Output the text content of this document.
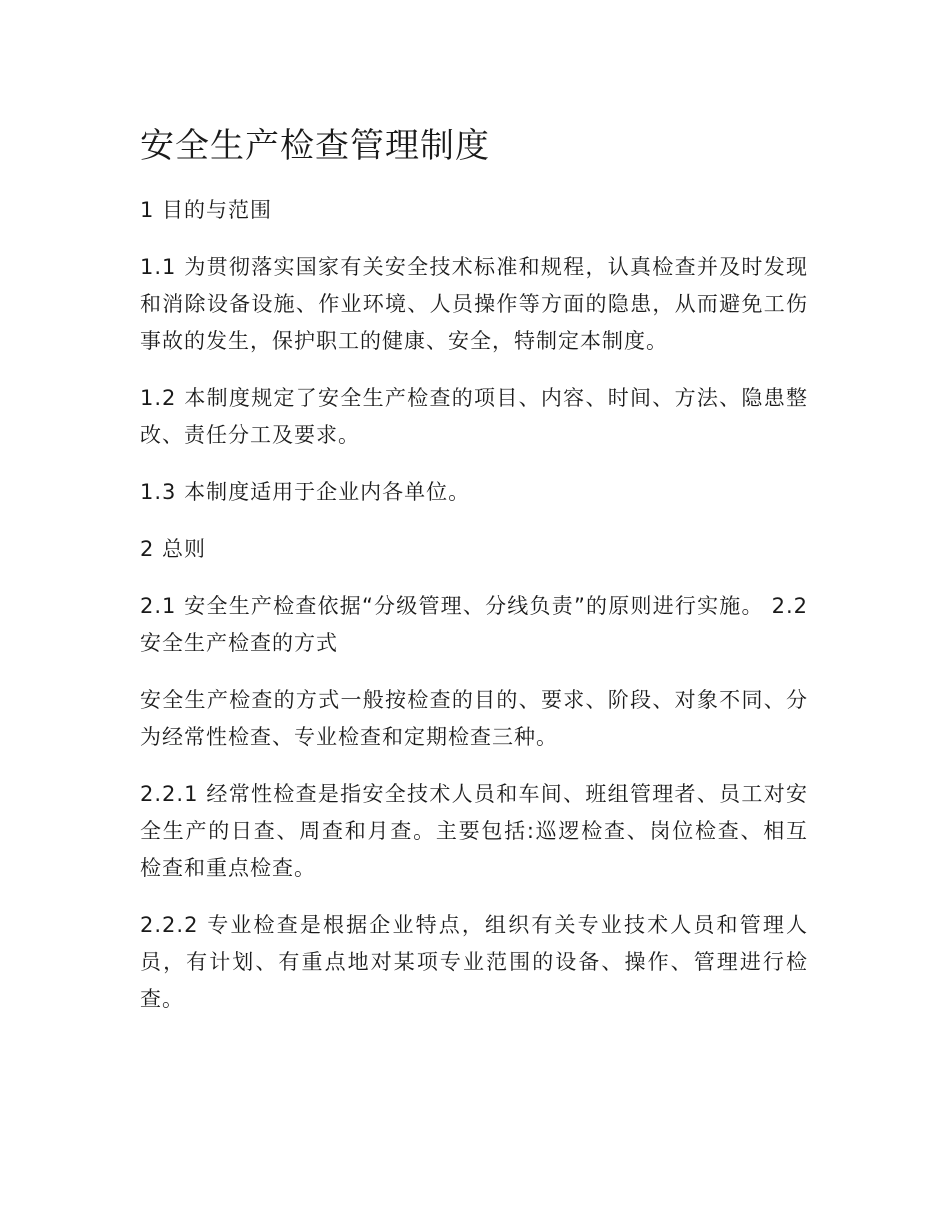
安全生产检查管理制度

1 目的与范围

1.1 为贯彻落实国家有关安全技术标准和规程，认真检查并及时发现和消除设备设施、作业环境、人员操作等方面的隐患，从而避免工伤事故的发生，保护职工的健康、安全，特制定本制度。

1.2 本制度规定了安全生产检查的项目、内容、时间、方法、隐患整改、责任分工及要求。

1.3 本制度适用于企业内各单位。

2 总则

2.1 安全生产检查依据“分级管理、分线负责”的原则进行实施。 2.2 安全生产检查的方式

安全生产检查的方式一般按检查的目的、要求、阶段、对象不同、分为经常性检查、专业检查和定期检查三种。

2.2.1 经常性检查是指安全技术人员和车间、班组管理者、员工对安全生产的日查、周查和月查。主要包括:巡逻检查、岗位检查、相互检查和重点检查。

2.2.2 专业检查是根据企业特点，组织有关专业技术人员和管理人员，有计划、有重点地对某项专业范围的设备、操作、管理进行检查。
